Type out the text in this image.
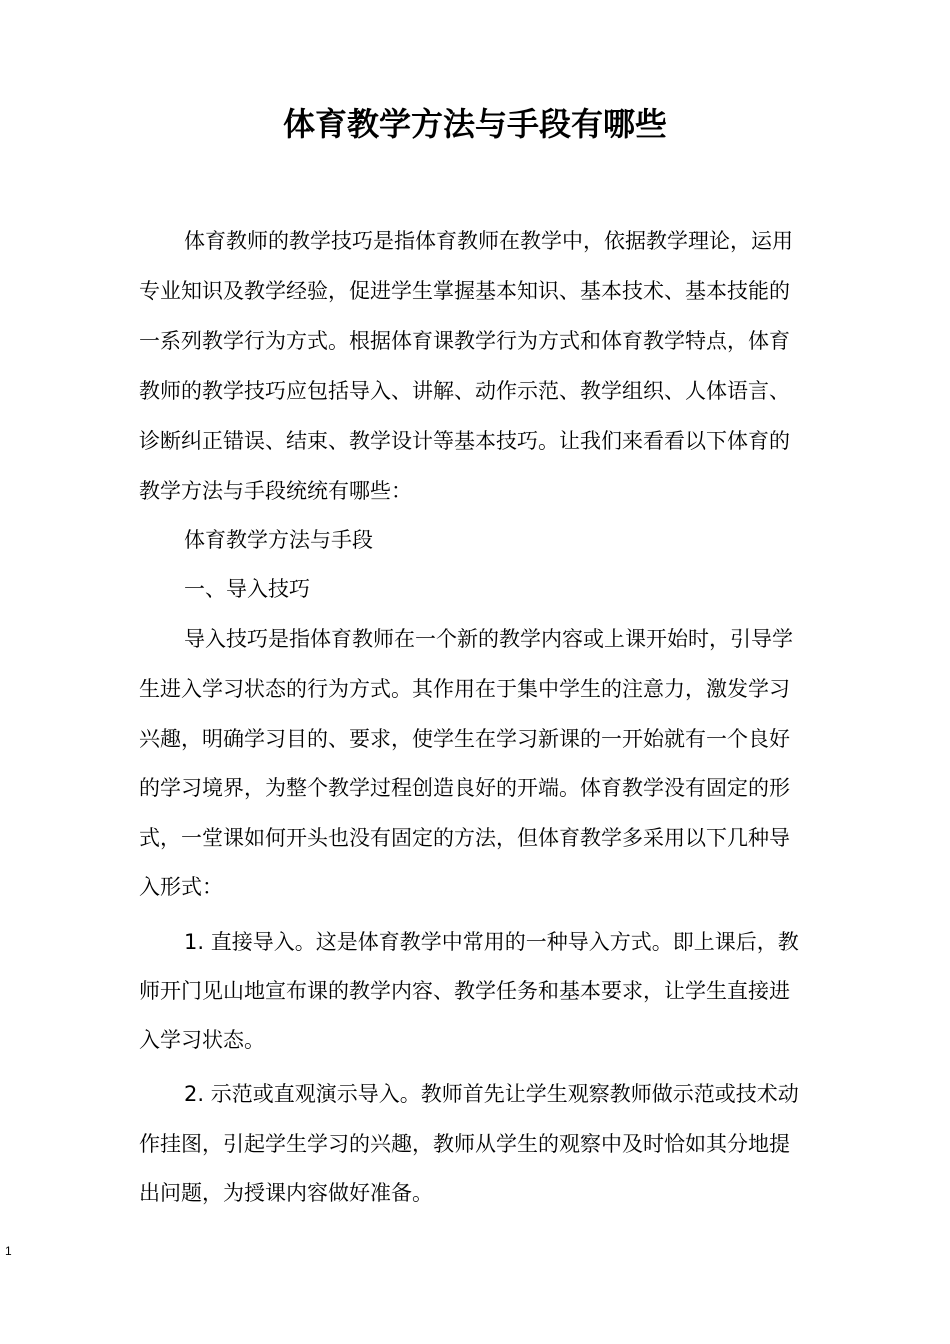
体育教学方法与手段有哪些
体育教师的教学技巧是指体育教师在教学中，依据教学理论，运用
专业知识及教学经验，促进学生掌握基本知识、基本技术、基本技能的
一系列教学行为方式。根据体育课教学行为方式和体育教学特点，体育
教师的教学技巧应包括导入、讲解、动作示范、教学组织、人体语言、
诊断纠正错误、结束、教学设计等基本技巧。让我们来看看以下体育的
教学方法与手段统统有哪些：
体育教学方法与手段
一、导入技巧
导入技巧是指体育教师在一个新的教学内容或上课开始时，引导学
生进入学习状态的行为方式。其作用在于集中学生的注意力，激发学习
兴趣，明确学习目的、要求，使学生在学习新课的一开始就有一个良好
的学习境界，为整个教学过程创造良好的开端。体育教学没有固定的形
式，一堂课如何开头也没有固定的方法，但体育教学多采用以下几种导
入形式：
1. 直接导入。这是体育教学中常用的一种导入方式。即上课后，教
师开门见山地宣布课的教学内容、教学任务和基本要求，让学生直接进
入学习状态。
2. 示范或直观演示导入。教师首先让学生观察教师做示范或技术动
作挂图，引起学生学习的兴趣，教师从学生的观察中及时恰如其分地提
出问题，为授课内容做好准备。
1
